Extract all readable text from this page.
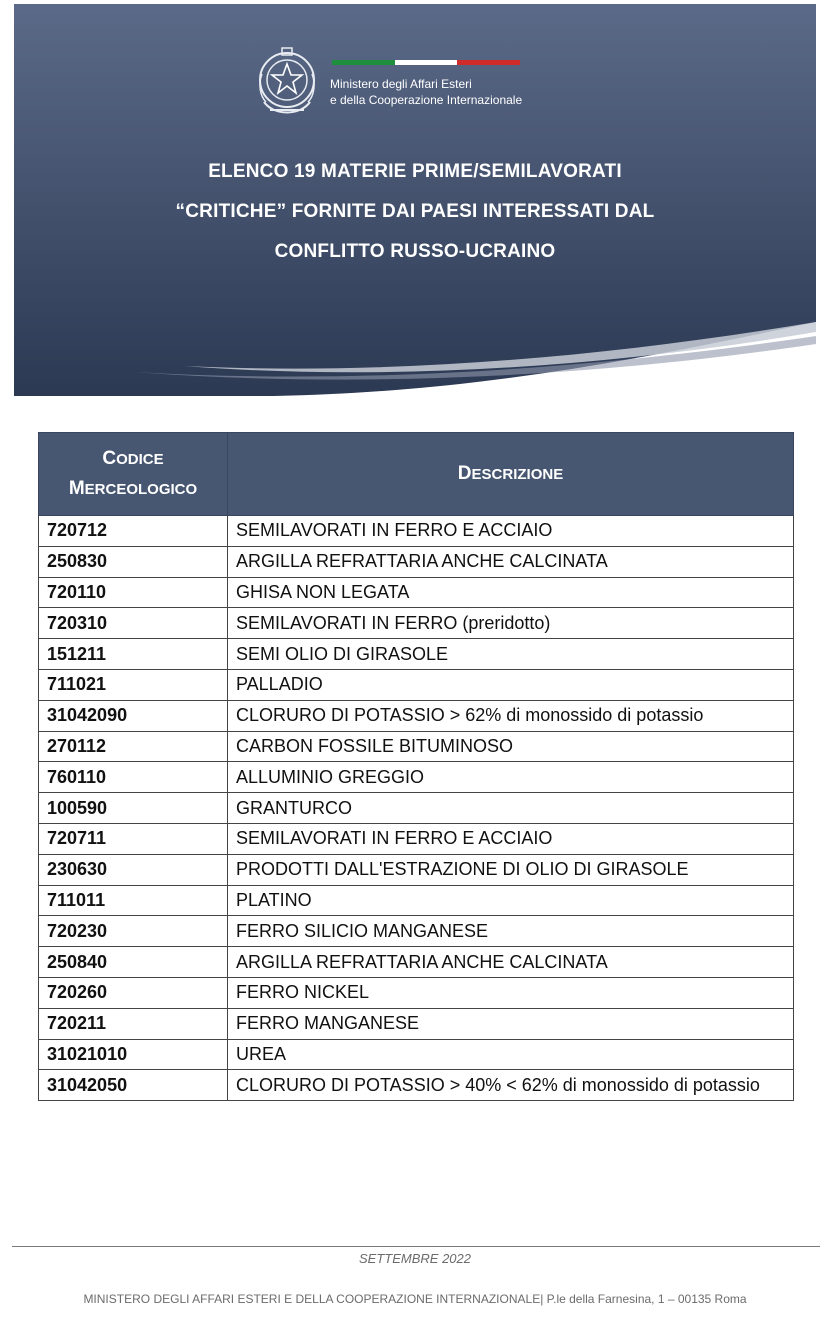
Ministero degli Affari Esteri
e della Cooperazione Internazionale
ELENCO 19 MATERIE PRIME/SEMILAVORATI
“CRITICHE” FORNITE DAI PAESI INTERESSATI DAL
CONFLITTO RUSSO-UCRAINO
CODICE
MERCEOLOGICO	DESCRIZIONE
720712	SEMILAVORATI IN FERRO E ACCIAIO
250830	ARGILLA REFRATTARIA ANCHE CALCINATA
720110	GHISA NON LEGATA
720310	SEMILAVORATI IN FERRO (preridotto)
151211	SEMI OLIO DI GIRASOLE
711021	PALLADIO
31042090	CLORURO DI POTASSIO > 62% di monossido di potassio
270112	CARBON FOSSILE BITUMINOSO
760110	ALLUMINIO GREGGIO
100590	GRANTURCO
720711	SEMILAVORATI IN FERRO E ACCIAIO
230630	PRODOTTI DALL'ESTRAZIONE DI OLIO DI GIRASOLE
711011	PLATINO
720230	FERRO SILICIO MANGANESE
250840	ARGILLA REFRATTARIA ANCHE CALCINATA
720260	FERRO NICKEL
720211	FERRO MANGANESE
31021010	UREA
31042050	CLORURO DI POTASSIO > 40% < 62% di monossido di potassio
SETTEMBRE 2022
MINISTERO DEGLI AFFARI ESTERI E DELLA COOPERAZIONE INTERNAZIONALE| P.le della Farnesina, 1 – 00135 Roma
